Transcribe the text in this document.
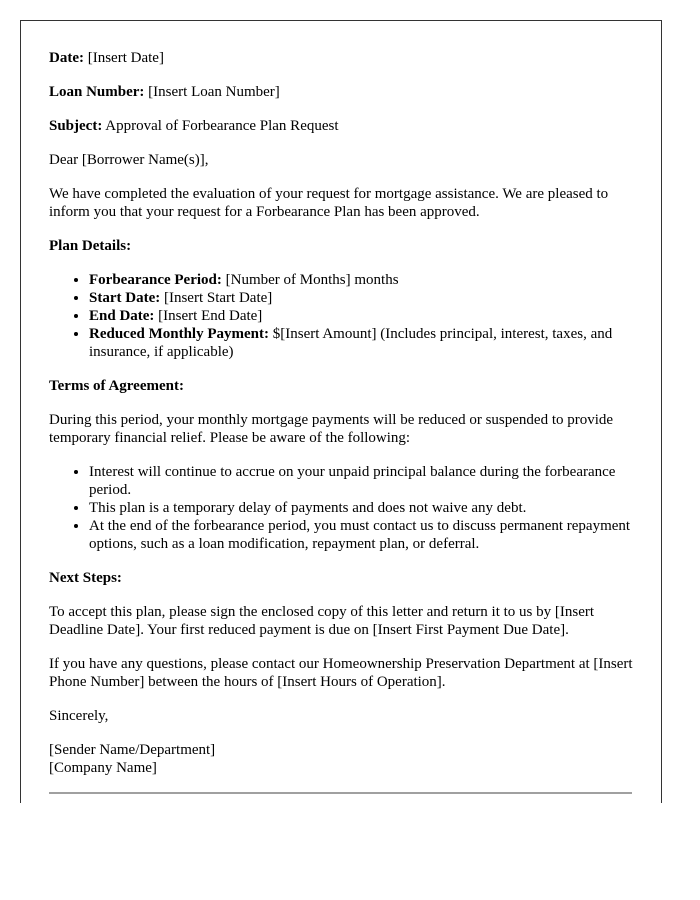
Date: [Insert Date]

Loan Number: [Insert Loan Number]

Subject: Approval of Forbearance Plan Request

Dear [Borrower Name(s)],

We have completed the evaluation of your request for mortgage assistance. We are pleased to inform you that your request for a Forbearance Plan has been approved.

Plan Details:

• Forbearance Period: [Number of Months] months
• Start Date: [Insert Start Date]
• End Date: [Insert End Date]
• Reduced Monthly Payment: $[Insert Amount] (Includes principal, interest, taxes, and insurance, if applicable)

Terms of Agreement:

During this period, your monthly mortgage payments will be reduced or suspended to provide temporary financial relief. Please be aware of the following:

• Interest will continue to accrue on your unpaid principal balance during the forbearance period.
• This plan is a temporary delay of payments and does not waive any debt.
• At the end of the forbearance period, you must contact us to discuss permanent repayment options, such as a loan modification, repayment plan, or deferral.

Next Steps:

To accept this plan, please sign the enclosed copy of this letter and return it to us by [Insert Deadline Date]. Your first reduced payment is due on [Insert First Payment Due Date].

If you have any questions, please contact our Homeownership Preservation Department at [Insert Phone Number] between the hours of [Insert Hours of Operation].

Sincerely,

[Sender Name/Department]

[Company Name]
